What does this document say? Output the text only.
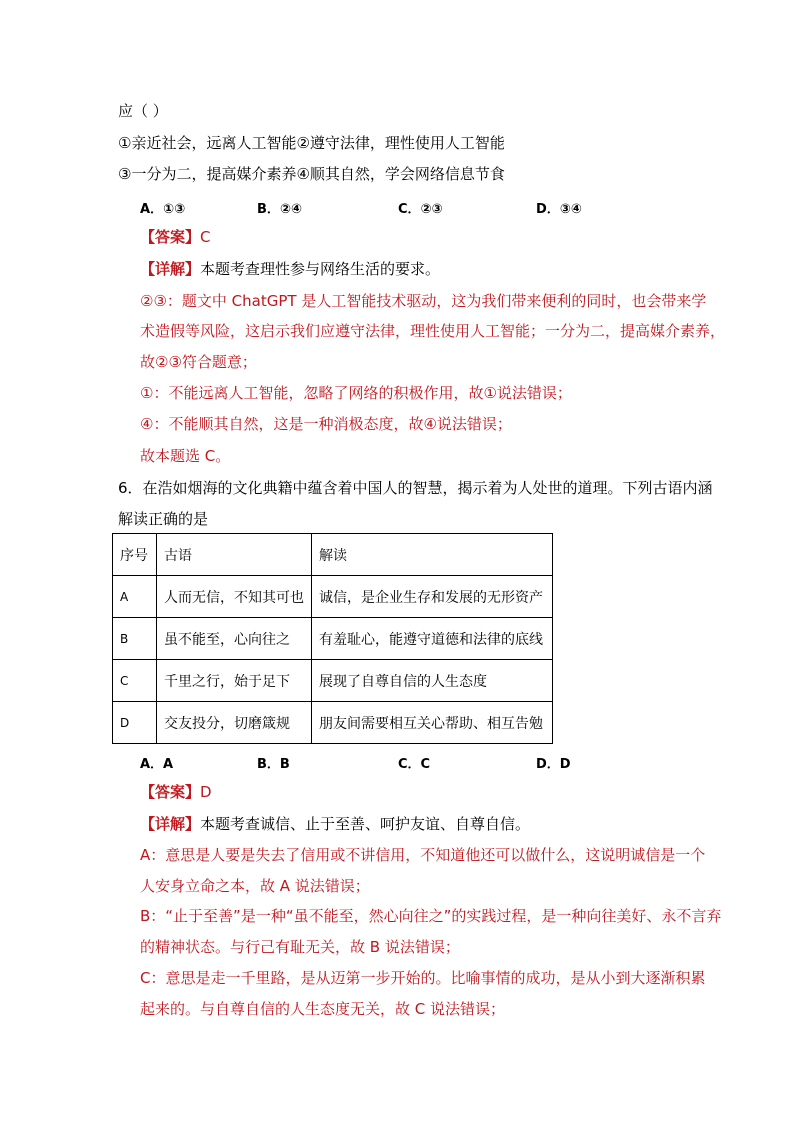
应（ ）
①亲近社会，远离人工智能②遵守法律，理性使用人工智能
③一分为二，提高媒介素养④顺其自然，学会网络信息节食
A．①③	B．②④	C．②③	D．③④
【答案】C
【详解】本题考查理性参与网络生活的要求。
②③：题文中 ChatGPT 是人工智能技术驱动，这为我们带来便利的同时，也会带来学
术造假等风险，这启示我们应遵守法律，理性使用人工智能；一分为二，提高媒介素养，
故②③符合题意；
①：不能远离人工智能，忽略了网络的积极作用，故①说法错误；
④：不能顺其自然，这是一种消极态度，故④说法错误；
故本题选 C。
6．在浩如烟海的文化典籍中蕴含着中国人的智慧，揭示着为人处世的道理。下列古语内涵
解读正确的是
序号	古语	解读
A	人而无信，不知其可也	诚信，是企业生存和发展的无形资产
B	虽不能至，心向往之	有羞耻心，能遵守道德和法律的底线
C	千里之行，始于足下	展现了自尊自信的人生态度
D	交友投分，切磨箴规	朋友间需要相互关心帮助、相互告勉
A．A	B．B	C．C	D．D
【答案】D
【详解】本题考查诚信、止于至善、呵护友谊、自尊自信。
A：意思是人要是失去了信用或不讲信用，不知道他还可以做什么，这说明诚信是一个
人安身立命之本，故 A 说法错误；
B：“止于至善”是一种“虽不能至，然心向往之”的实践过程，是一种向往美好、永不言弃
的精神状态。与行己有耻无关，故 B 说法错误；
C：意思是走一千里路，是从迈第一步开始的。比喻事情的成功，是从小到大逐渐积累
起来的。与自尊自信的人生态度无关，故 C 说法错误；
